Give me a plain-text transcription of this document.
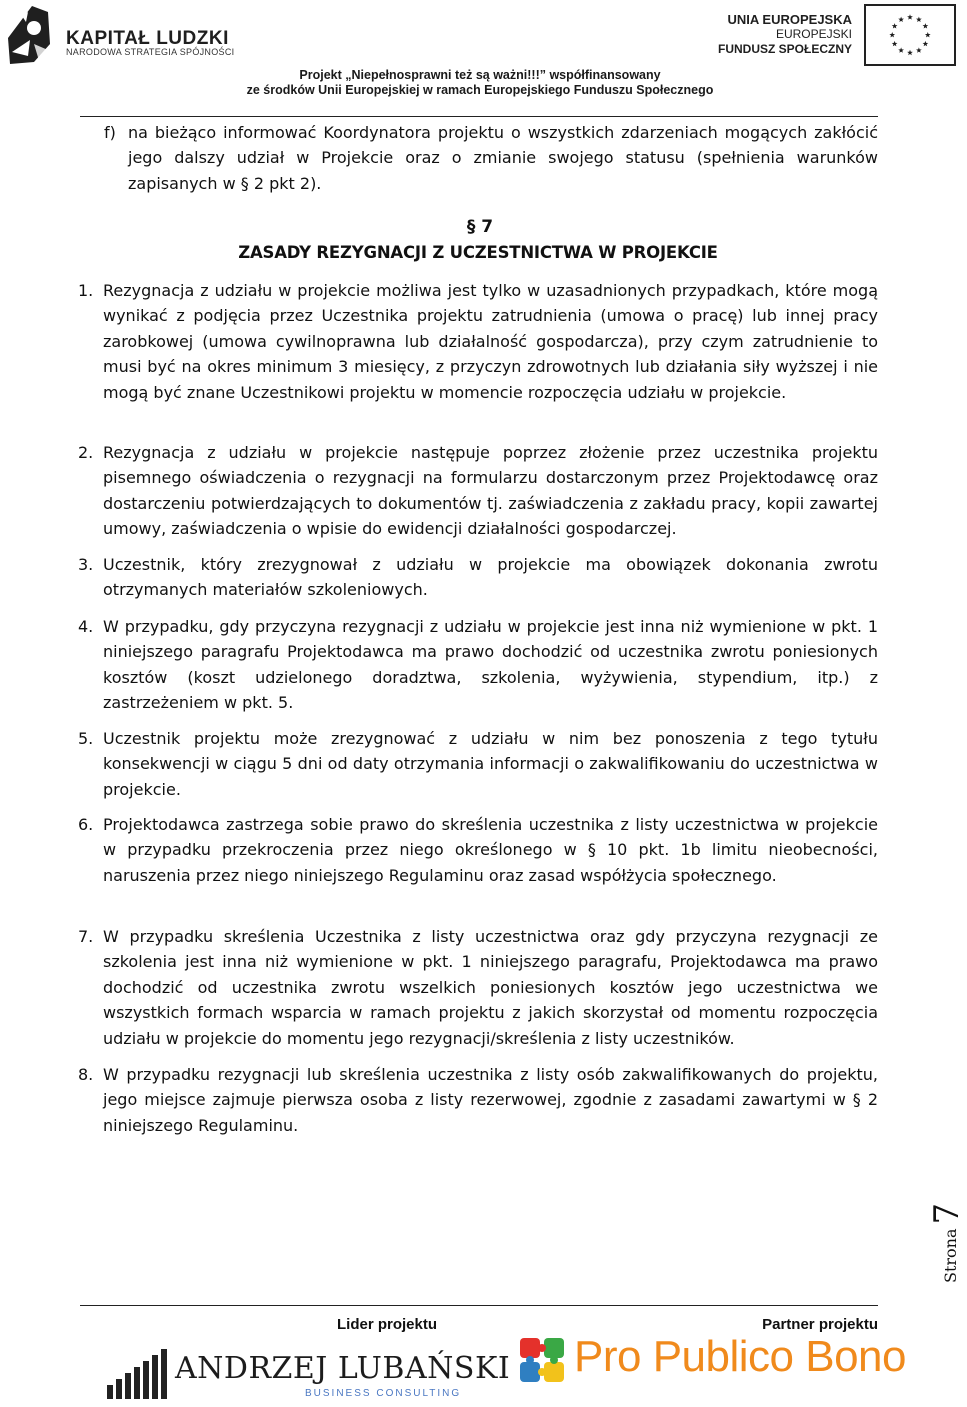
KAPITAŁ LUDZKI
NARODOWA STRATEGIA SPÓJNOŚCI
UNIA EUROPEJSKA
EUROPEJSKI
FUNDUSZ SPOŁECZNY
Projekt „Niepełnosprawni też są ważni!!!” współfinansowany
ze środków Unii Europejskiej w ramach Europejskiego Funduszu Społecznego
f) na bieżąco informować Koordynatora projektu o wszystkich zdarzeniach mogących zakłócić jego dalszy udział w Projekcie oraz o zmianie swojego statusu (spełnienia warunków zapisanych w § 2 pkt 2).
§ 7
ZASADY REZYGNACJI Z UCZESTNICTWA W PROJEKCIE
1. Rezygnacja z udziału w projekcie możliwa jest tylko w uzasadnionych przypadkach, które mogą wynikać z podjęcia przez Uczestnika projektu zatrudnienia (umowa o pracę) lub innej pracy zarobkowej (umowa cywilnoprawna lub działalność gospodarcza), przy czym zatrudnienie to musi być na okres minimum 3 miesięcy, z przyczyn zdrowotnych lub działania siły wyższej i nie mogą być znane Uczestnikowi projektu w momencie rozpoczęcia udziału w projekcie.
2. Rezygnacja z udziału w projekcie następuje poprzez złożenie przez uczestnika projektu pisemnego oświadczenia o rezygnacji na formularzu dostarczonym przez Projektodawcę oraz dostarczeniu potwierdzających to dokumentów tj. zaświadczenia z zakładu pracy, kopii zawartej umowy, zaświadczenia o wpisie do ewidencji działalności gospodarczej.
3. Uczestnik, który zrezygnował z udziału w projekcie ma obowiązek dokonania zwrotu otrzymanych materiałów szkoleniowych.
4. W przypadku, gdy przyczyna rezygnacji z udziału w projekcie jest inna niż wymienione w pkt. 1 niniejszego paragrafu Projektodawca ma prawo dochodzić od uczestnika zwrotu poniesionych kosztów (koszt udzielonego doradztwa, szkolenia, wyżywienia, stypendium, itp.) z zastrzeżeniem w pkt. 5.
5. Uczestnik projektu może zrezygnować z udziału w nim bez ponoszenia z tego tytułu konsekwencji w ciągu 5 dni od daty otrzymania informacji o zakwalifikowaniu do uczestnictwa w projekcie.
6. Projektodawca zastrzega sobie prawo do skreślenia uczestnika z listy uczestnictwa w projekcie w przypadku przekroczenia przez niego określonego w § 10 pkt. 1b limitu nieobecności, naruszenia przez niego niniejszego Regulaminu oraz zasad współżycia społecznego.
7. W przypadku skreślenia Uczestnika z listy uczestnictwa oraz gdy przyczyna rezygnacji ze szkolenia jest inna niż wymienione w pkt. 1 niniejszego paragrafu, Projektodawca ma prawo dochodzić od uczestnika zwrotu wszelkich poniesionych kosztów jego uczestnictwa we wszystkich formach wsparcia w ramach projektu z jakich skorzystał od momentu rozpoczęcia udziału w projekcie do momentu jego rezygnacji/skreślenia z listy uczestników.
8. W przypadku rezygnacji lub skreślenia uczestnika z listy osób zakwalifikowanych do projektu, jego miejsce zajmuje pierwsza osoba z listy rezerwowej, zgodnie z zasadami zawartymi w § 2 niniejszego Regulaminu.
Strona7
Lider projektu	Partner projektu
ANDRZEJ LUBAŃSKI
BUSINESS CONSULTING
Pro Publico Bono
